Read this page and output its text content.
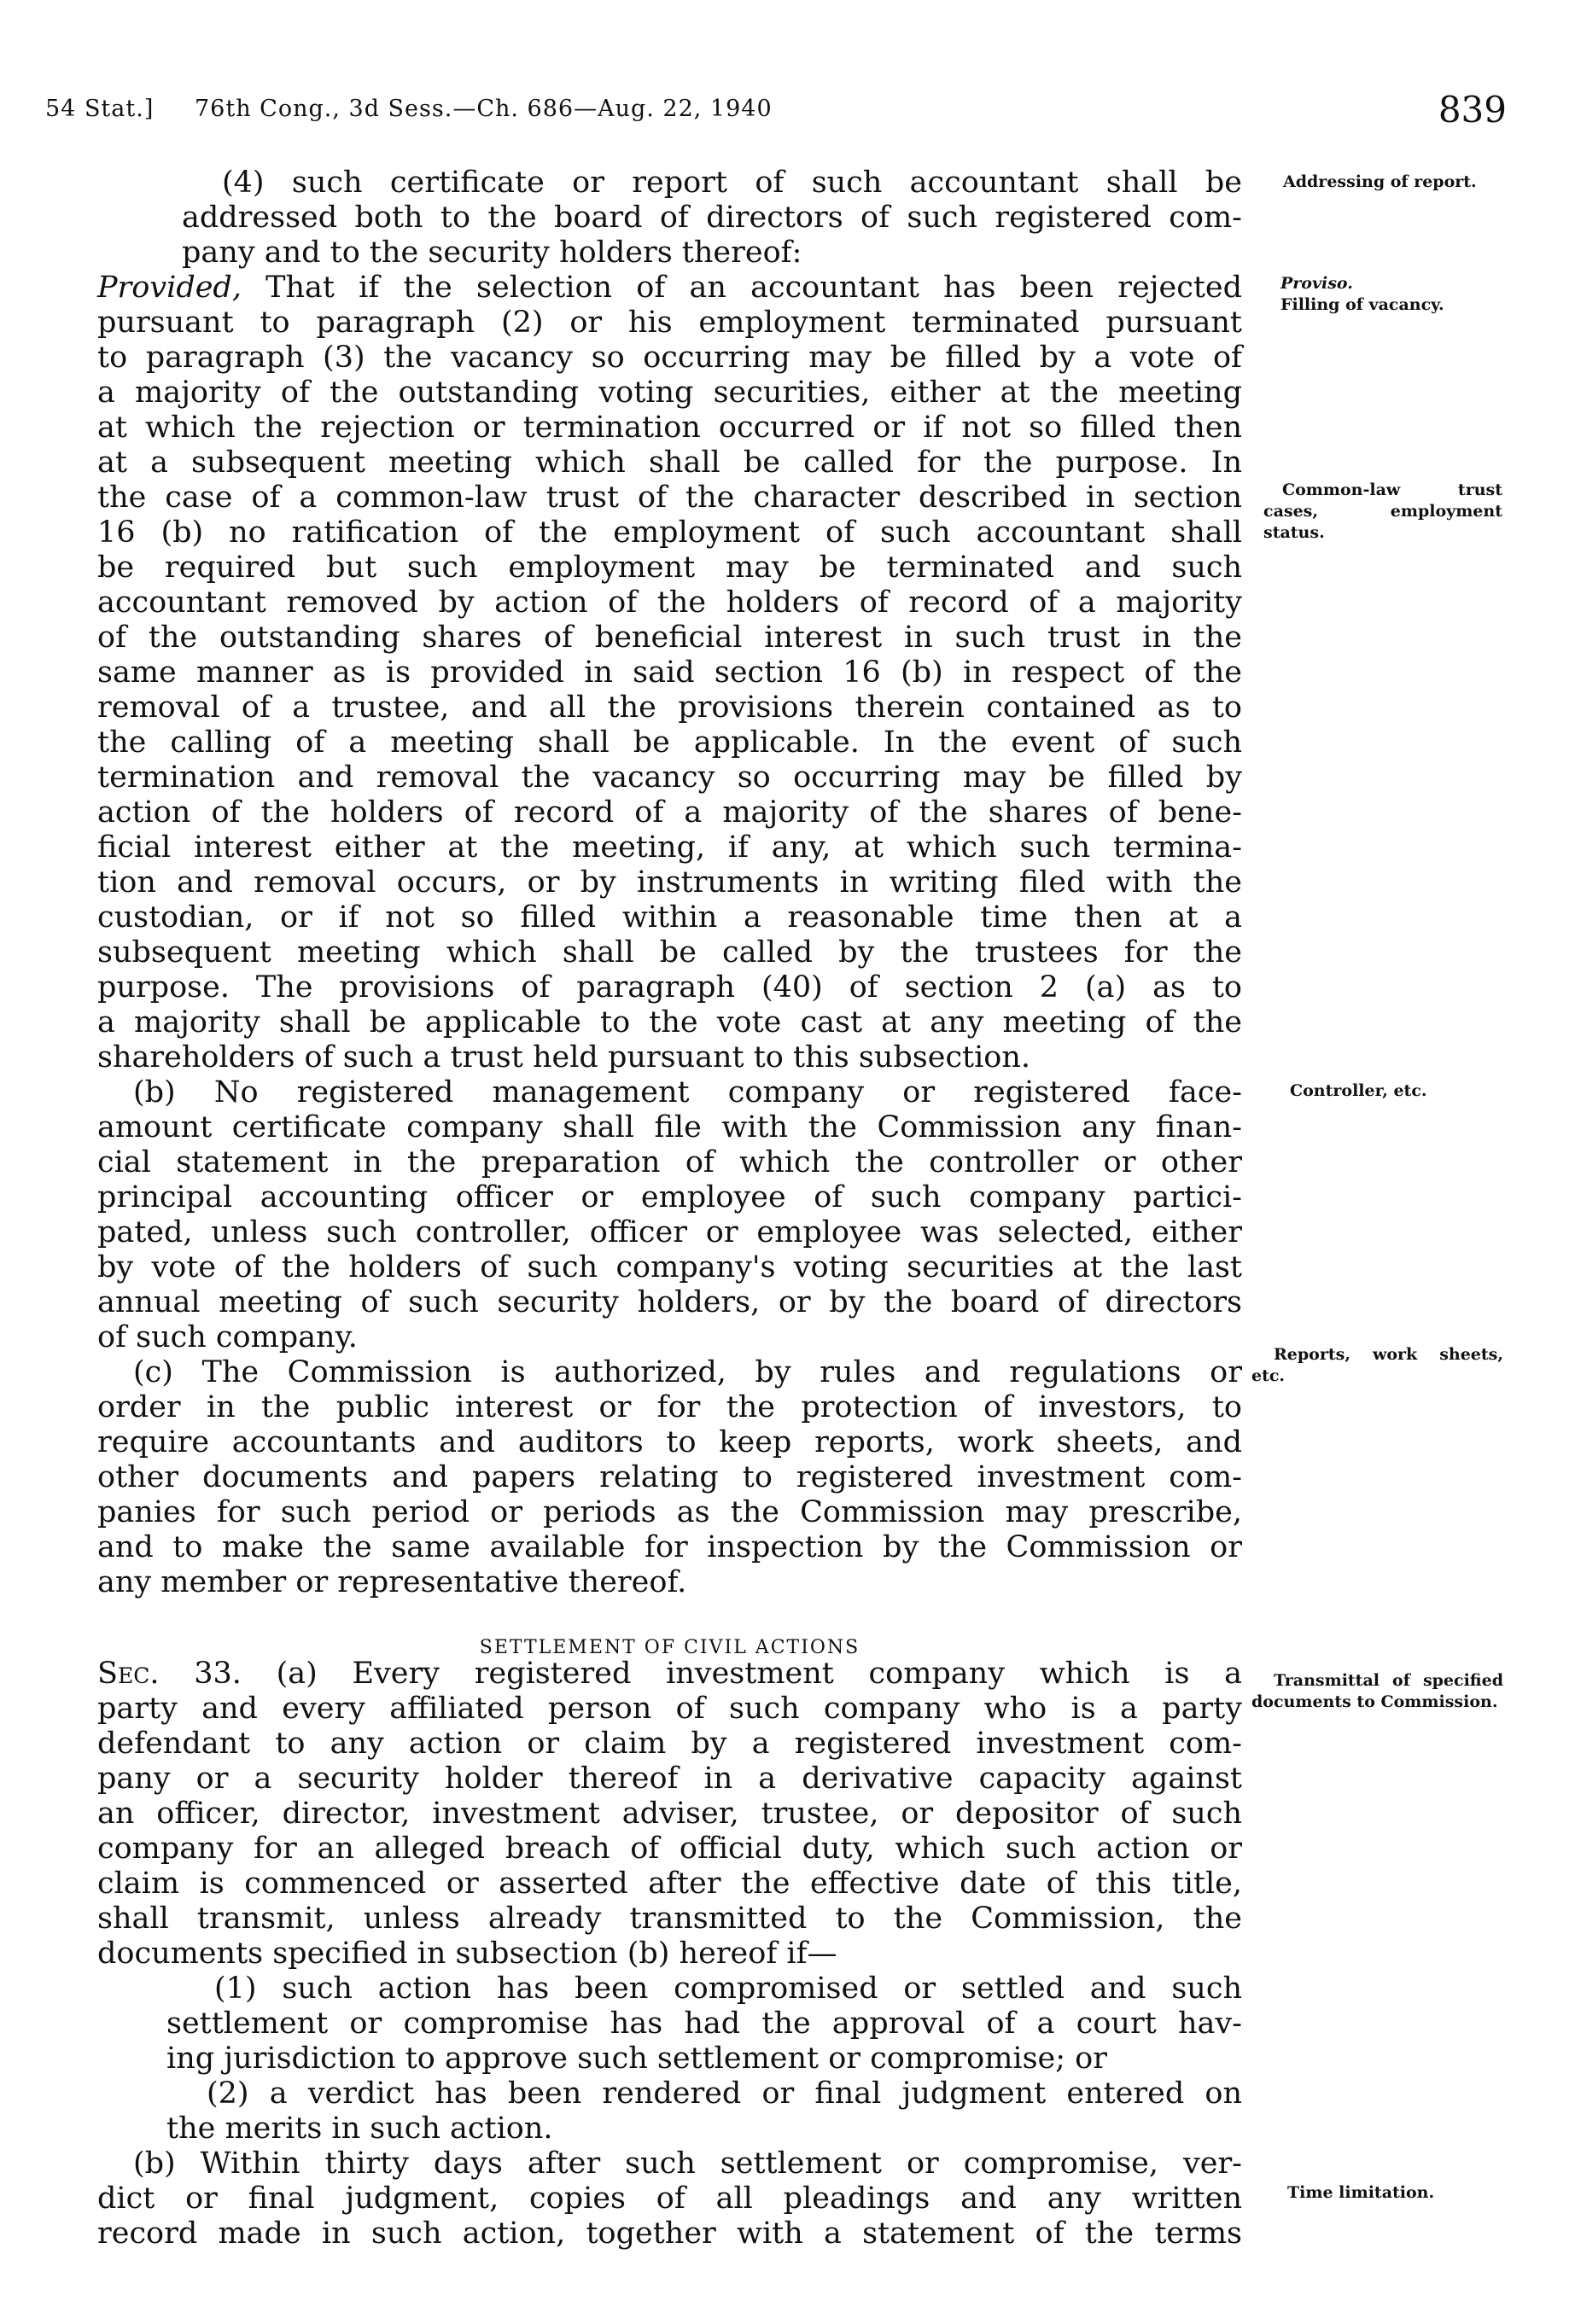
54 Stat.] 76th Cong., 3d Sess.—Ch. 686—Aug. 22, 1940	839
(4) such certificate or report of such accountant shall be
addressed both to the board of directors of such registered com-
pany and to the security holders thereof:
Provided, That if the selection of an accountant has been rejected
pursuant to paragraph (2) or his employment terminated pursuant
to paragraph (3) the vacancy so occurring may be filled by a vote of
a majority of the outstanding voting securities, either at the meeting
at which the rejection or termination occurred or if not so filled then
at a subsequent meeting which shall be called for the purpose. In
the case of a common-law trust of the character described in section
16 (b) no ratification of the employment of such accountant shall
be required but such employment may be terminated and such
accountant removed by action of the holders of record of a majority
of the outstanding shares of beneficial interest in such trust in the
same manner as is provided in said section 16 (b) in respect of the
removal of a trustee, and all the provisions therein contained as to
the calling of a meeting shall be applicable. In the event of such
termination and removal the vacancy so occurring may be filled by
action of the holders of record of a majority of the shares of bene-
ficial interest either at the meeting, if any, at which such termina-
tion and removal occurs, or by instruments in writing filed with the
custodian, or if not so filled within a reasonable time then at a
subsequent meeting which shall be called by the trustees for the
purpose. The provisions of paragraph (40) of section 2 (a) as to
a majority shall be applicable to the vote cast at any meeting of the
shareholders of such a trust held pursuant to this subsection.
(b) No registered management company or registered face-
amount certificate company shall file with the Commission any finan-
cial statement in the preparation of which the controller or other
principal accounting officer or employee of such company partici-
pated, unless such controller, officer or employee was selected, either
by vote of the holders of such company's voting securities at the last
annual meeting of such security holders, or by the board of directors
of such company.
(c) The Commission is authorized, by rules and regulations or
order in the public interest or for the protection of investors, to
require accountants and auditors to keep reports, work sheets, and
other documents and papers relating to registered investment com-
panies for such period or periods as the Commission may prescribe,
and to make the same available for inspection by the Commission or
any member or representative thereof.
Sec. 33. (a) Every registered investment company which is a
party and every affiliated person of such company who is a party
defendant to any action or claim by a registered investment com-
pany or a security holder thereof in a derivative capacity against
an officer, director, investment adviser, trustee, or depositor of such
company for an alleged breach of official duty, which such action or
claim is commenced or asserted after the effective date of this title,
shall transmit, unless already transmitted to the Commission, the
documents specified in subsection (b) hereof if—
(1) such action has been compromised or settled and such
settlement or compromise has had the approval of a court hav-
ing jurisdiction to approve such settlement or compromise; or
(2) a verdict has been rendered or final judgment entered on
the merits in such action.
(b) Within thirty days after such settlement or compromise, ver-
dict or final judgment, copies of all pleadings and any written
record made in such action, together with a statement of the terms
SETTLEMENT OF CIVIL ACTIONS
Addressing of report.
Proviso.
Filling of vacancy.
Common-law trust cases, employment status.
Controller, etc.
Reports, work sheets, etc.
Transmittal of specified documents to Commission.
Time limitation.
